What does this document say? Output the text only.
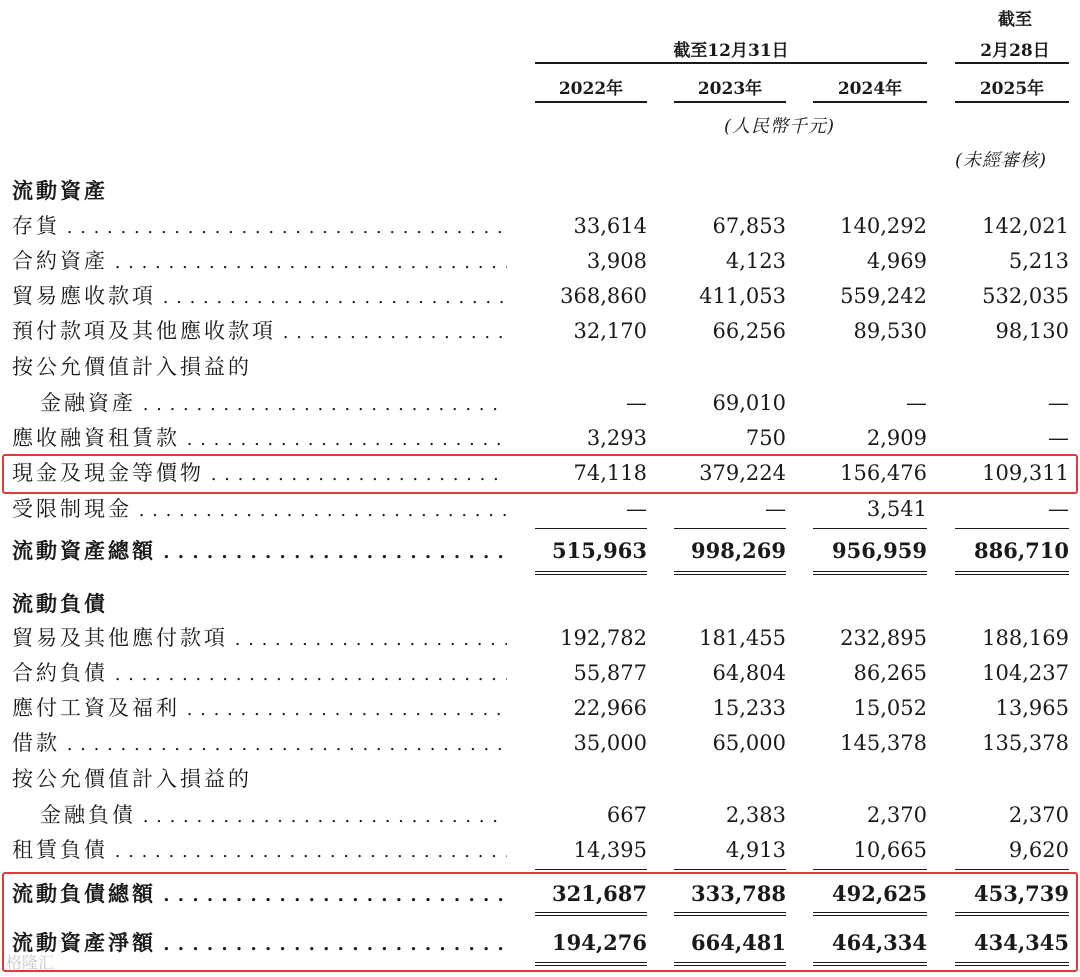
截至
截至12月31日	2月28日
2022年	2023年	2024年	2025年
(人民幣千元)
(未經審核)
流動資產
存貨 . . .	33,614	67,853	140,292	142,021
合約資產 . . .	3,908	4,123	4,969	5,213
貿易應收款項 . . .	368,860	411,053	559,242	532,035
預付款項及其他應收款項 . . .	32,170	66,256	89,530	98,130
按公允價值計入損益的
金融資產 . . .	—	69,010	—	—
應收融資租賃款 . . .	3,293	750	2,909	—
現金及現金等價物 . . .	74,118	379,224	156,476	109,311
受限制現金 . . .	—	—	3,541	—
流動資產總額 . . .	515,963	998,269	956,959	886,710
流動負債
貿易及其他應付款項 . . .	192,782	181,455	232,895	188,169
合約負債 . . .	55,877	64,804	86,265	104,237
應付工資及福利 . . .	22,966	15,233	15,052	13,965
借款 . . .	35,000	65,000	145,378	135,378
按公允價值計入損益的
金融負債 . . .	667	2,383	2,370	2,370
租賃負債 . . .	14,395	4,913	10,665	9,620
流動負債總額 . . .	321,687	333,788	492,625	453,739
流動資產淨額 . . .	194,276	664,481	464,334	434,345
格隆汇
